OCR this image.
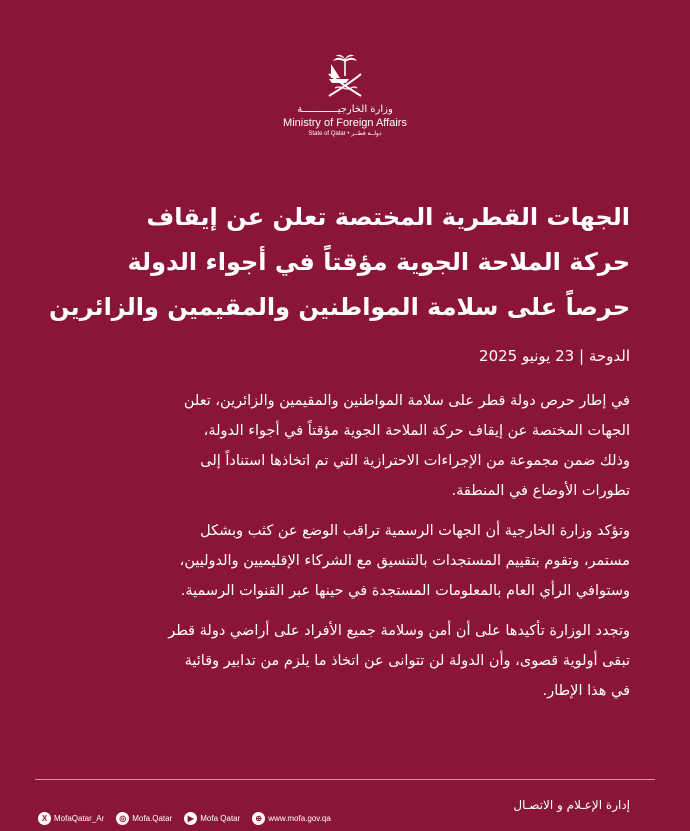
وزارة الخارجيــــــــــــة
Ministry of Foreign Affairs
State of Qatar • دولــة قطــر
الجهات القطرية المختصة تعلن عن إيقاف
حركة الملاحة الجوية مؤقتاً في أجواء الدولة
حرصاً على سلامة المواطنين والمقيمين والزائرين
الدوحة | 23 يونيو 2025
في إطار حرص دولة قطر على سلامة المواطنين والمقيمين والزائرين، تعلن
الجهات المختصة عن إيقاف حركة الملاحة الجوية مؤقتاً في أجواء الدولة،
وذلك ضمن مجموعة من الإجراءات الاحترازية التي تم اتخاذها استناداً إلى
تطورات الأوضاع في المنطقة.
وتؤكد وزارة الخارجية أن الجهات الرسمية تراقب الوضع عن كثب وبشكل
مستمر، وتقوم بتقييم المستجدات بالتنسيق مع الشركاء الإقليميين والدوليين،
وستوافي الرأي العام بالمعلومات المستجدة في حينها عبر القنوات الرسمية.
وتجدد الوزارة تأكيدها على أن أمن وسلامة جميع الأفراد على أراضي دولة قطر
تبقى أولوية قصوى، وأن الدولة لن تتوانى عن اتخاذ ما يلزم من تدابير وقائية
في هذا الإطار.
إدارة الإعـلام و الاتصـال
X MofaQatar_Ar	◎ Mofa.Qatar	▶ Mofa Qatar	⊕ www.mofa.gov.qa
